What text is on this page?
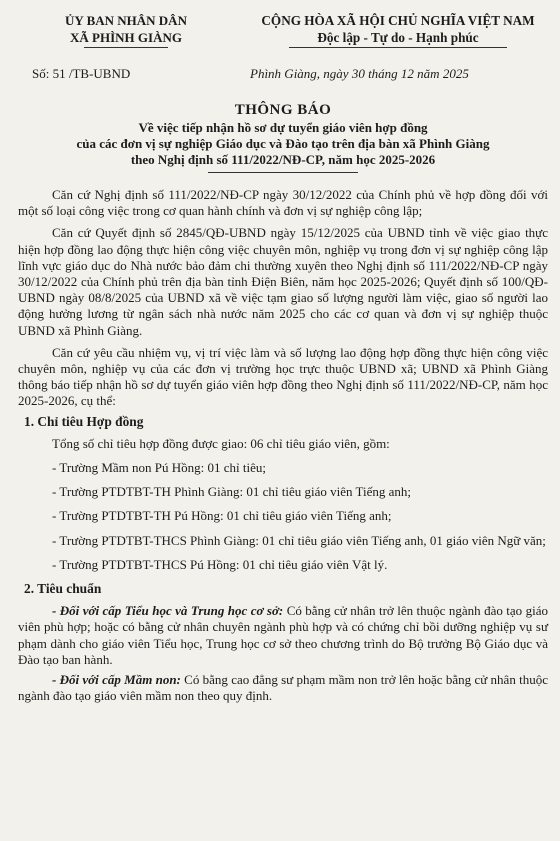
ỦY BAN NHÂN DÂN
XÃ PHÌNH GIÀNG
CỘNG HÒA XÃ HỘI CHỦ NGHĨA VIỆT NAM
Độc lập - Tự do - Hạnh phúc
Số: 51 /TB-UBND	Phình Giàng, ngày 30 tháng 12 năm 2025
THÔNG BÁO
Về việc tiếp nhận hồ sơ dự tuyển giáo viên hợp đồng
của các đơn vị sự nghiệp Giáo dục và Đào tạo trên địa bàn xã Phình Giàng
theo Nghị định số 111/2022/NĐ-CP, năm học 2025-2026

Căn cứ Nghị định số 111/2022/NĐ-CP ngày 30/12/2022 của Chính phủ về hợp đồng đối với một số loại công việc trong cơ quan hành chính và đơn vị sự nghiệp công lập;

Căn cứ Quyết định số 2845/QĐ-UBND ngày 15/12/2025 của UBND tỉnh về việc giao thực hiện hợp đồng lao động thực hiện công việc chuyên môn, nghiệp vụ trong đơn vị sự nghiệp công lập lĩnh vực giáo dục do Nhà nước bảo đảm chi thường xuyên theo Nghị định số 111/2022/NĐ-CP ngày 30/12/2022 của Chính phủ trên địa bàn tỉnh Điện Biên, năm học 2025-2026; Quyết định số 100/QĐ-UBND ngày 08/8/2025 của UBND xã về việc tạm giao số lượng người làm việc, giao số người lao động hưởng lương từ ngân sách nhà nước năm 2025 cho các cơ quan và đơn vị sự nghiệp thuộc UBND xã Phình Giàng.

Căn cứ yêu cầu nhiệm vụ, vị trí việc làm và số lượng lao động hợp đồng thực hiện công việc chuyên môn, nghiệp vụ của các đơn vị trường học trực thuộc UBND xã; UBND xã Phình Giàng thông báo tiếp nhận hồ sơ dự tuyển giáo viên hợp đồng theo Nghị định số 111/2022/NĐ-CP, năm học 2025-2026, cụ thể:

1. Chỉ tiêu Hợp đồng

Tổng số chỉ tiêu hợp đồng được giao: 06 chỉ tiêu giáo viên, gồm:

- Trường Mầm non Pú Hồng: 01 chỉ tiêu;

- Trường PTDTBT-TH Phình Giàng: 01 chỉ tiêu giáo viên Tiếng anh;

- Trường PTDTBT-TH Pú Hồng: 01 chỉ tiêu giáo viên Tiếng anh;

- Trường PTDTBT-THCS Phình Giàng: 01 chỉ tiêu giáo viên Tiếng anh, 01 giáo viên Ngữ văn;

- Trường PTDTBT-THCS Pú Hồng: 01 chỉ tiêu giáo viên Vật lý.

2. Tiêu chuẩn

- Đối với cấp Tiểu học và Trung học cơ sở: Có bằng cử nhân trở lên thuộc ngành đào tạo giáo viên phù hợp; hoặc có bằng cử nhân chuyên ngành phù hợp và có chứng chỉ bồi dưỡng nghiệp vụ sư phạm dành cho giáo viên Tiểu học, Trung học cơ sở theo chương trình do Bộ trưởng Bộ Giáo dục và Đào tạo ban hành.

- Đối với cấp Mầm non: Có bằng cao đẳng sư phạm mầm non trở lên hoặc bằng cử nhân thuộc ngành đào tạo giáo viên mầm non theo quy định.
